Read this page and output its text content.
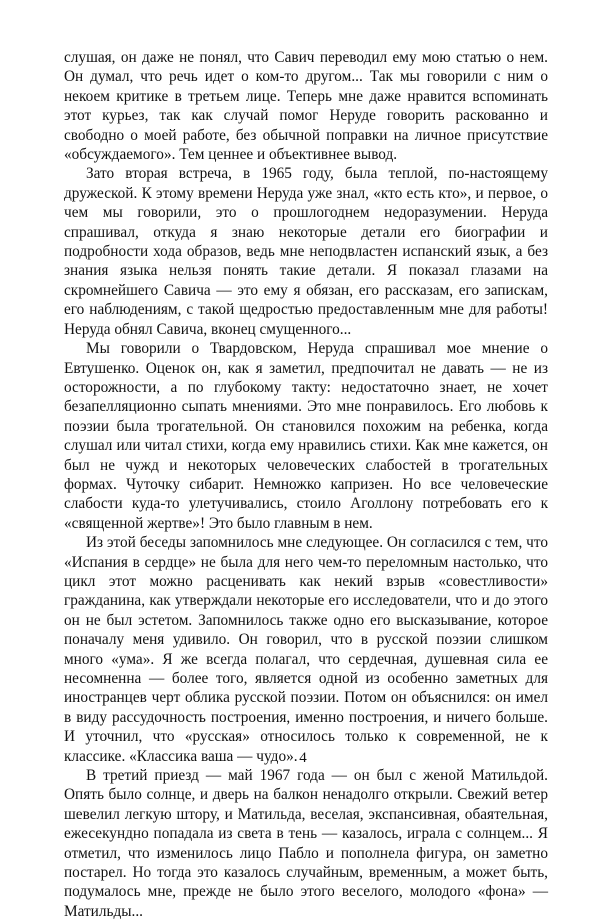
слушая, он даже не понял, что Савич переводил ему мою статью о нем. Он думал, что речь идет о ком-то другом... Так мы говорили с ним о некоем критике в третьем лице. Теперь мне даже нравится вспоминать этот курьез, так как случай помог Неруде говорить раскованно и свободно о моей работе, без обычной поправки на личное присутствие «обсуждаемого». Тем ценнее и объективнее вывод.

Зато вторая встреча, в 1965 году, была теплой, по-настоящему дружеской. К этому времени Неруда уже знал, «кто есть кто», и первое, о чем мы говорили, это о прошлогоднем недоразумении. Неруда спрашивал, откуда я знаю некоторые детали его биографии и подробности хода образов, ведь мне неподвластен испанский язык, а без знания языка нельзя понять такие детали. Я показал глазами на скромнейшего Савича — это ему я обязан, его рассказам, его запискам, его наблюдениям, с такой щедростью предоставленным мне для работы! Неруда обнял Савича, вконец смущенного...

Мы говорили о Твардовском, Неруда спрашивал мое мнение о Евтушенко. Оценок он, как я заметил, предпочитал не давать — не из осторожности, а по глубокому такту: недостаточно знает, не хочет безапелляционно сыпать мнениями. Это мне понравилось. Его любовь к поэзии была трогательной. Он становился похожим на ребенка, когда слушал или читал стихи, когда ему нравились стихи. Как мне кажется, он был не чужд и некоторых человеческих слабостей в трогательных формах. Чуточку сибарит. Немножко капризен. Но все человеческие слабости куда-то улетучивались, стоило Аголлону потребовать его к «священной жертве»! Это было главным в нем.

Из этой беседы запомнилось мне следующее. Он согласился с тем, что «Испания в сердце» не была для него чем-то переломным настолько, что цикл этот можно расценивать как некий взрыв «совестливости» гражданина, как утверждали некоторые его исследователи, что и до этого он не был эстетом. Запомнилось также одно его высказывание, которое поначалу меня удивило. Он говорил, что в русской поэзии слишком много «ума». Я же всегда полагал, что сердечная, душевная сила ее несомненна — более того, является одной из особенно заметных для иностранцев черт облика русской поэзии. Потом он объяснился: он имел в виду рассудочность построения, именно построения, и ничего больше. И уточнил, что «русская» относилось только к современной, не к классике. «Классика ваша — чудо».

В третий приезд — май 1967 года — он был с женой Матильдой. Опять было солнце, и дверь на балкон ненадолго открыли. Свежий ветер шевелил легкую штору, и Матильда, веселая, экспансивная, обаятельная, ежесекундно попадала из света в тень — казалось, играла с солнцем... Я отметил, что изменилось лицо Пабло и пополнела фигура, он заметно постарел. Но тогда это казалось случайным, временным, а может быть, подумалось мне, прежде не было этого веселого, молодого «фона» — Матильды...

4
